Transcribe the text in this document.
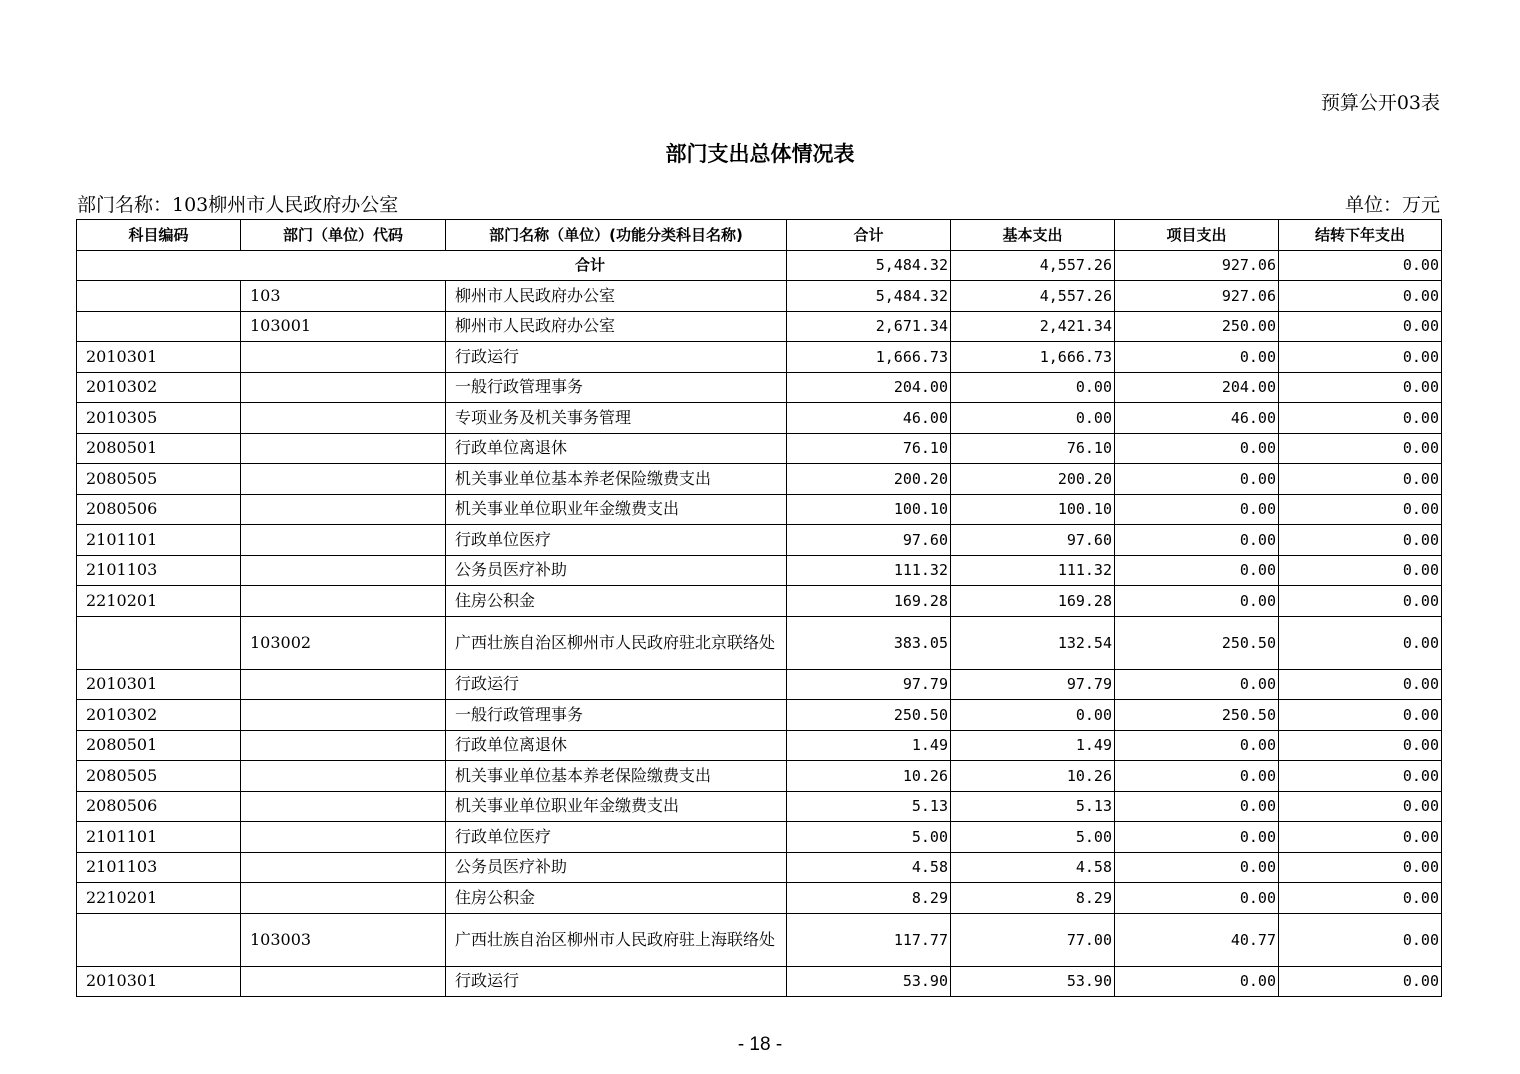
预算公开03表
部门支出总体情况表
部门名称：103柳州市人民政府办公室	单位：万元
科目编码	部门（单位）代码	部门名称（单位）(功能分类科目名称)	合计	基本支出	项目支出	结转下年支出
合计			5,484.32	4,557.26	927.06	0.00
	103	柳州市人民政府办公室	5,484.32	4,557.26	927.06	0.00
	103001	柳州市人民政府办公室	2,671.34	2,421.34	250.00	0.00
2010301		行政运行	1,666.73	1,666.73	0.00	0.00
2010302		一般行政管理事务	204.00	0.00	204.00	0.00
2010305		专项业务及机关事务管理	46.00	0.00	46.00	0.00
2080501		行政单位离退休	76.10	76.10	0.00	0.00
2080505		机关事业单位基本养老保险缴费支出	200.20	200.20	0.00	0.00
2080506		机关事业单位职业年金缴费支出	100.10	100.10	0.00	0.00
2101101		行政单位医疗	97.60	97.60	0.00	0.00
2101103		公务员医疗补助	111.32	111.32	0.00	0.00
2210201		住房公积金	169.28	169.28	0.00	0.00
	103002	广西壮族自治区柳州市人民政府驻北京联络处	383.05	132.54	250.50	0.00
2010301		行政运行	97.79	97.79	0.00	0.00
2010302		一般行政管理事务	250.50	0.00	250.50	0.00
2080501		行政单位离退休	1.49	1.49	0.00	0.00
2080505		机关事业单位基本养老保险缴费支出	10.26	10.26	0.00	0.00
2080506		机关事业单位职业年金缴费支出	5.13	5.13	0.00	0.00
2101101		行政单位医疗	5.00	5.00	0.00	0.00
2101103		公务员医疗补助	4.58	4.58	0.00	0.00
2210201		住房公积金	8.29	8.29	0.00	0.00
	103003	广西壮族自治区柳州市人民政府驻上海联络处	117.77	77.00	40.77	0.00
2010301		行政运行	53.90	53.90	0.00	0.00
- 18 -
